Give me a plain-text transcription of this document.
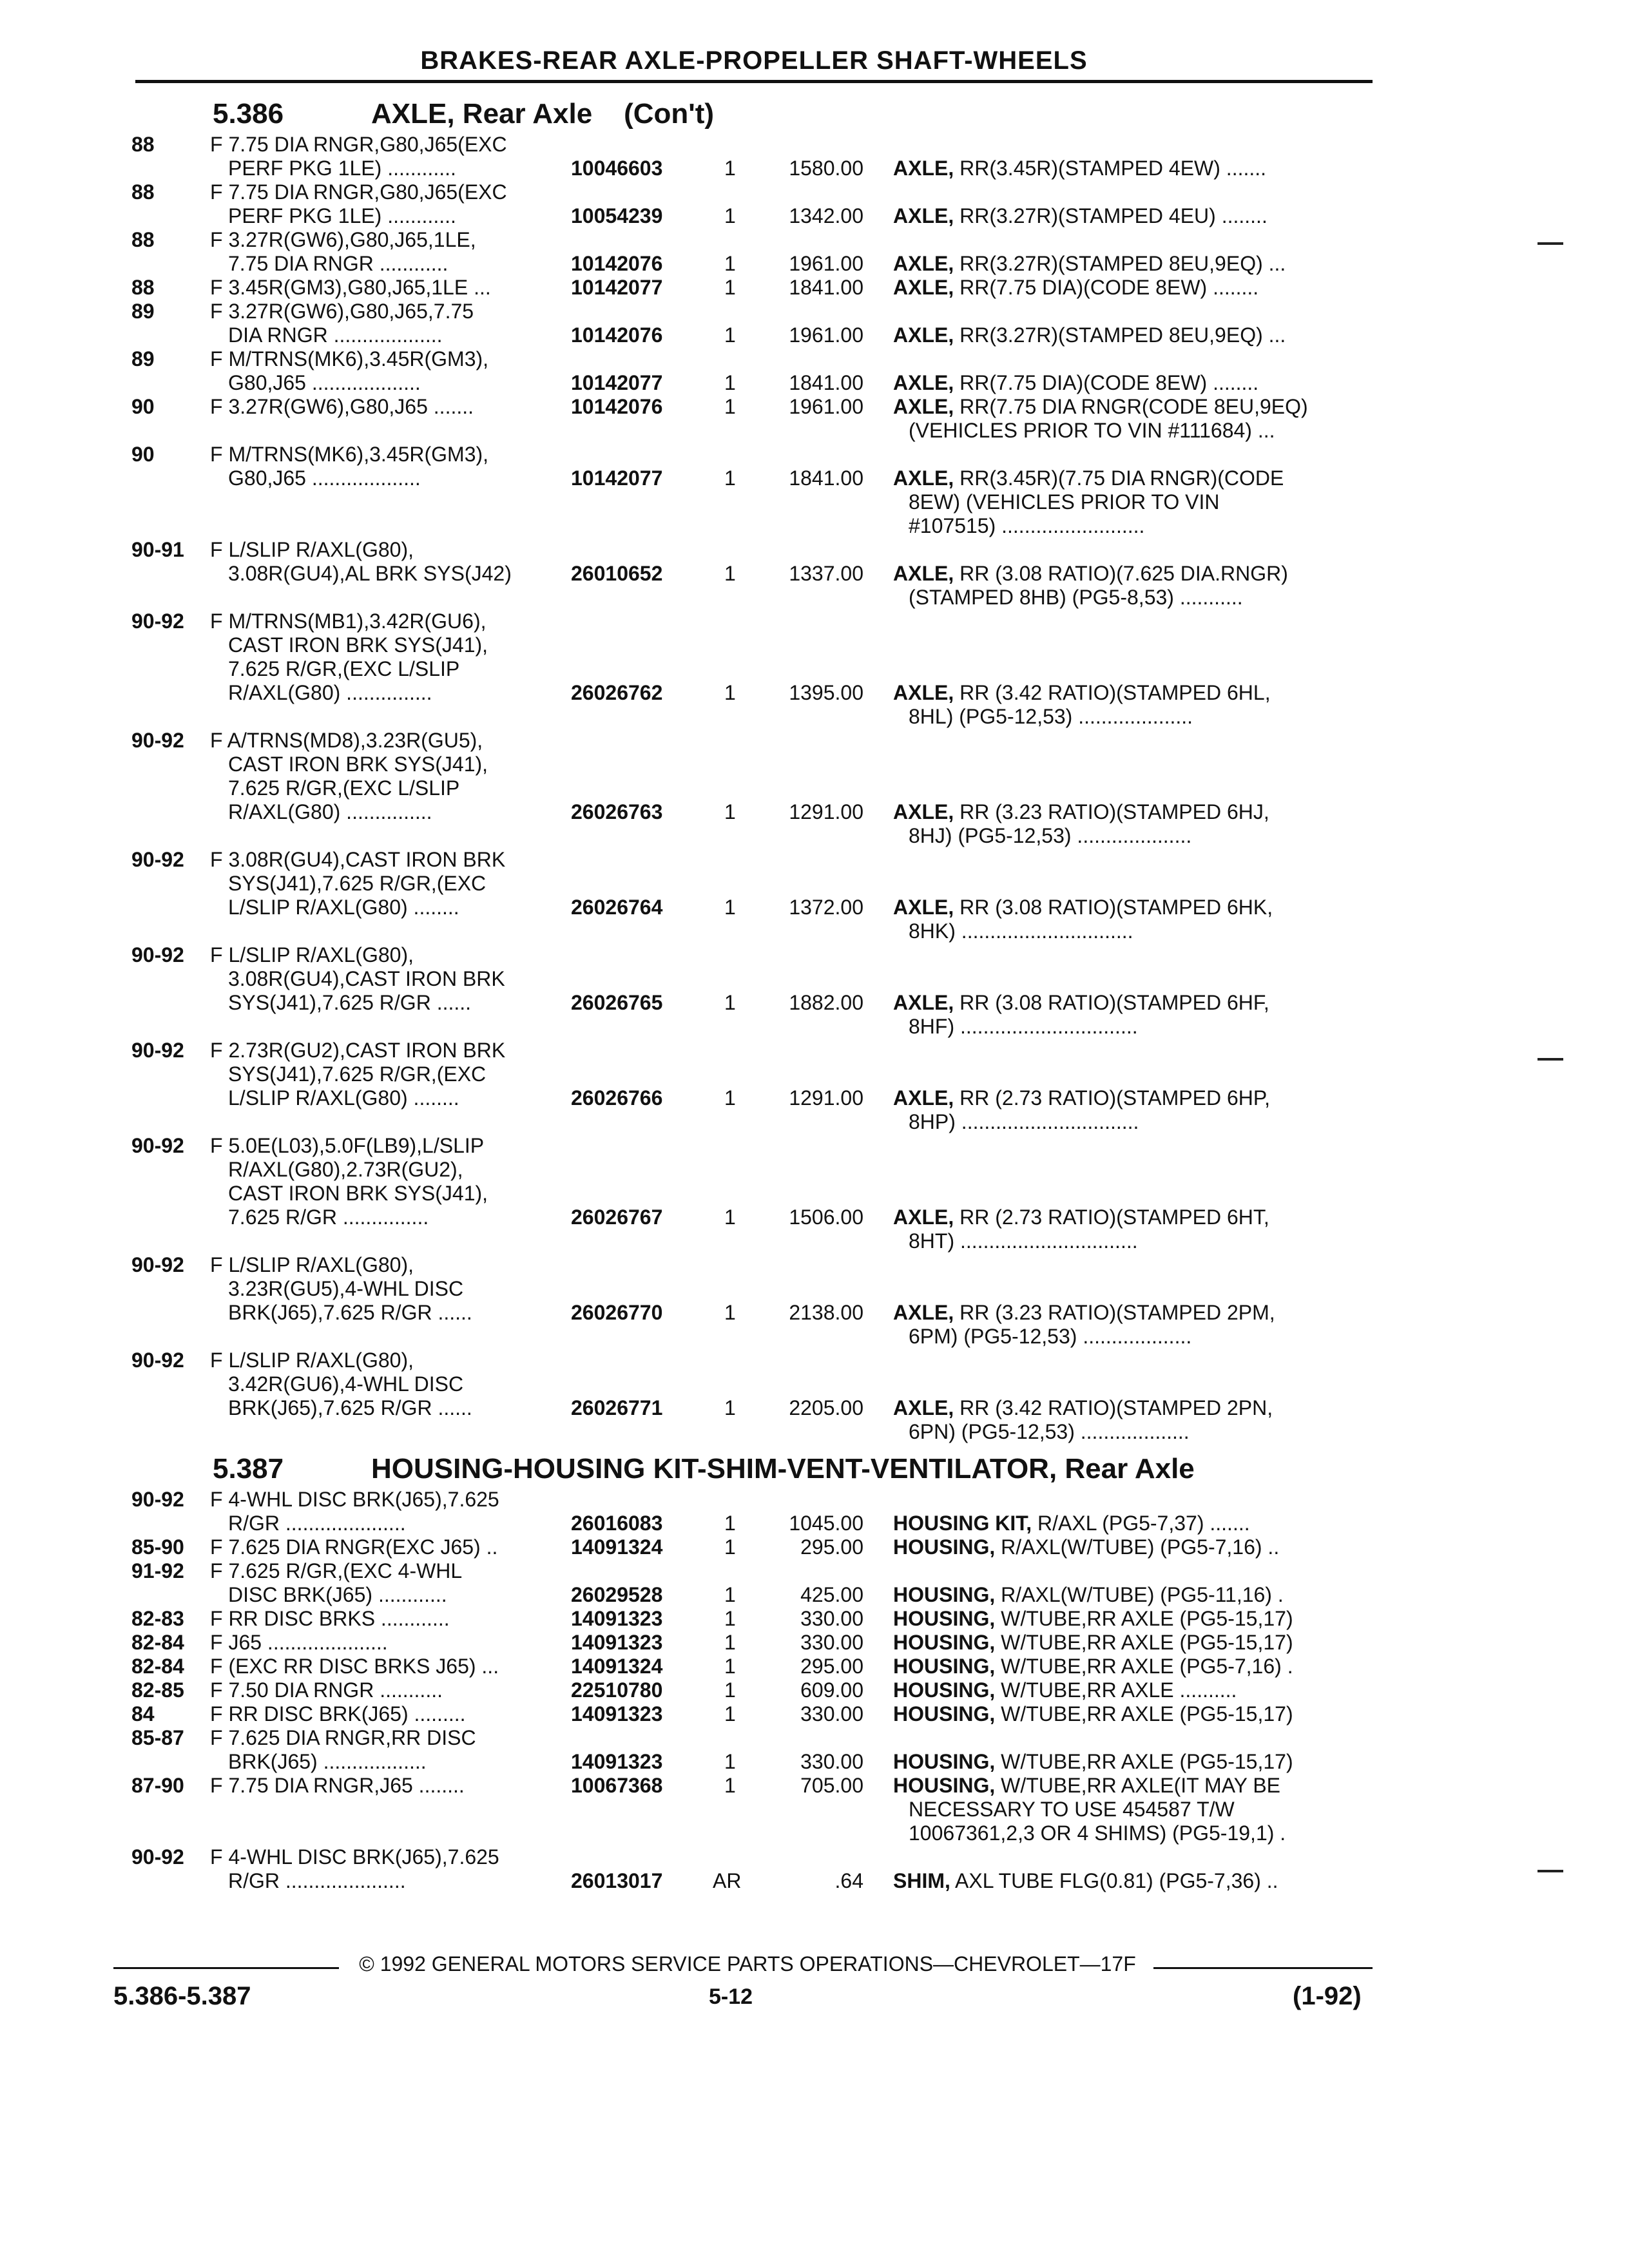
BRAKES-REAR AXLE-PROPELLER SHAFT-WHEELS
5.386	AXLE, Rear Axle    (Con't)
88	F 7.75 DIA RNGR,G80,J65(EXC
PERF PKG 1LE) ............	10046603	1	1580.00 AXLE, RR(3.45R)(STAMPED 4EW) .......
88	F 7.75 DIA RNGR,G80,J65(EXC
PERF PKG 1LE) ............	10054239	1	1342.00 AXLE, RR(3.27R)(STAMPED 4EU) ........
88	F 3.27R(GW6),G80,J65,1LE,
7.75 DIA RNGR ............	10142076	1	1961.00 AXLE, RR(3.27R)(STAMPED 8EU,9EQ) ...
88	F 3.45R(GM3),G80,J65,1LE ...	10142077	1	1841.00 AXLE, RR(7.75 DIA)(CODE 8EW) ........
89	F 3.27R(GW6),G80,J65,7.75
DIA RNGR ...................	10142076	1	1961.00 AXLE, RR(3.27R)(STAMPED 8EU,9EQ) ...
89	F M/TRNS(MK6),3.45R(GM3),
G80,J65 ...................	10142077	1	1841.00 AXLE, RR(7.75 DIA)(CODE 8EW) ........
90	F 3.27R(GW6),G80,J65 .......	10142076	1	1961.00 AXLE, RR(7.75 DIA RNGR(CODE 8EU,9EQ)
(VEHICLES PRIOR TO VIN #111684) ...
90	F M/TRNS(MK6),3.45R(GM3),
G80,J65 ...................	10142077	1	1841.00 AXLE, RR(3.45R)(7.75 DIA RNGR)(CODE
8EW) (VEHICLES PRIOR TO VIN
#107515) .........................
90-91 F L/SLIP R/AXL(G80),
3.08R(GU4),AL BRK SYS(J42)	26010652	1	1337.00 AXLE, RR (3.08 RATIO)(7.625 DIA.RNGR)
(STAMPED 8HB) (PG5-8,53) ...........
90-92 F M/TRNS(MB1),3.42R(GU6),
CAST IRON BRK SYS(J41),
7.625 R/GR,(EXC L/SLIP
R/AXL(G80) ...............	26026762	1	1395.00 AXLE, RR (3.42 RATIO)(STAMPED 6HL,
8HL) (PG5-12,53) ....................
90-92 F A/TRNS(MD8),3.23R(GU5),
CAST IRON BRK SYS(J41),
7.625 R/GR,(EXC L/SLIP
R/AXL(G80) ...............	26026763	1	1291.00 AXLE, RR (3.23 RATIO)(STAMPED 6HJ,
8HJ) (PG5-12,53) ....................
90-92 F 3.08R(GU4),CAST IRON BRK
SYS(J41),7.625 R/GR,(EXC
L/SLIP R/AXL(G80) ........	26026764	1	1372.00 AXLE, RR (3.08 RATIO)(STAMPED 6HK,
8HK) ..............................
90-92 F L/SLIP R/AXL(G80),
3.08R(GU4),CAST IRON BRK
SYS(J41),7.625 R/GR ......	26026765	1	1882.00 AXLE, RR (3.08 RATIO)(STAMPED 6HF,
8HF) ...............................
90-92 F 2.73R(GU2),CAST IRON BRK
SYS(J41),7.625 R/GR,(EXC
L/SLIP R/AXL(G80) ........	26026766	1	1291.00 AXLE, RR (2.73 RATIO)(STAMPED 6HP,
8HP) ...............................
90-92 F 5.0E(L03),5.0F(LB9),L/SLIP
R/AXL(G80),2.73R(GU2),
CAST IRON BRK SYS(J41),
7.625 R/GR ...............	26026767	1	1506.00 AXLE, RR (2.73 RATIO)(STAMPED 6HT,
8HT) ...............................
90-92 F L/SLIP R/AXL(G80),
3.23R(GU5),4-WHL DISC
BRK(J65),7.625 R/GR ......	26026770	1	2138.00 AXLE, RR (3.23 RATIO)(STAMPED 2PM,
6PM) (PG5-12,53) ...................
90-92 F L/SLIP R/AXL(G80),
3.42R(GU6),4-WHL DISC
BRK(J65),7.625 R/GR ......	26026771	1	2205.00 AXLE, RR (3.42 RATIO)(STAMPED 2PN,
6PN) (PG5-12,53) ...................
5.387	HOUSING-HOUSING KIT-SHIM-VENT-VENTILATOR, Rear Axle
90-92 F 4-WHL DISC BRK(J65),7.625
R/GR .....................	26016083	1	1045.00 HOUSING KIT, R/AXL (PG5-7,37) .......
85-90 F 7.625 DIA RNGR(EXC J65) ..	14091324	1	295.00 HOUSING, R/AXL(W/TUBE) (PG5-7,16) ..
91-92 F 7.625 R/GR,(EXC 4-WHL
DISC BRK(J65) ............	26029528	1	425.00 HOUSING, R/AXL(W/TUBE) (PG5-11,16) .
82-83 F RR DISC BRKS ............	14091323	1	330.00 HOUSING, W/TUBE,RR AXLE (PG5-15,17)
82-84 F J65 .....................	14091323	1	330.00 HOUSING, W/TUBE,RR AXLE (PG5-15,17)
82-84 F (EXC RR DISC BRKS J65) ...	14091324	1	295.00 HOUSING, W/TUBE,RR AXLE (PG5-7,16) .
82-85 F 7.50 DIA RNGR ...........	22510780	1	609.00 HOUSING, W/TUBE,RR AXLE ..........
84	F RR DISC BRK(J65) .........	14091323	1	330.00 HOUSING, W/TUBE,RR AXLE (PG5-15,17)
85-87 F 7.625 DIA RNGR,RR DISC
BRK(J65) ..................	14091323	1	330.00 HOUSING, W/TUBE,RR AXLE (PG5-15,17)
87-90 F 7.75 DIA RNGR,J65 ........	10067368	1	705.00 HOUSING, W/TUBE,RR AXLE(IT MAY BE
NECESSARY TO USE 454587 T/W
10067361,2,3 OR 4 SHIMS) (PG5-19,1) .
90-92 F 4-WHL DISC BRK(J65),7.625
R/GR .....................	26013017 AR	.64 SHIM, AXL TUBE FLG(0.81) (PG5-7,36) ..
© 1992 GENERAL MOTORS SERVICE PARTS OPERATIONS—CHEVROLET—17F
5.386-5.387	5-12	(1-92)
